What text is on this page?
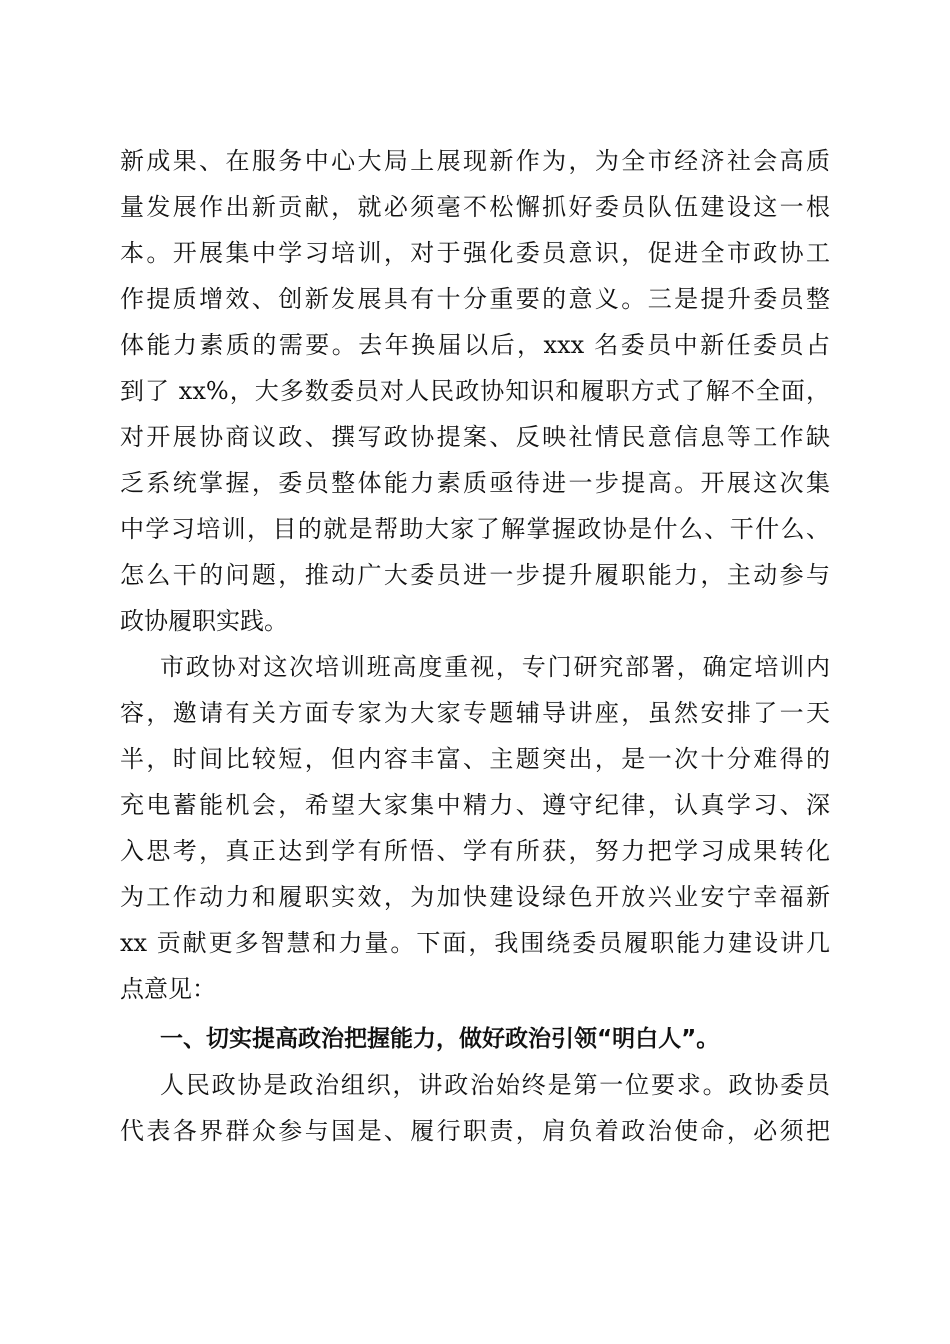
新成果、在服务中心大局上展现新作为，为全市经济社会高质
量发展作出新贡献，就必须毫不松懈抓好委员队伍建设这一根
本。开展集中学习培训，对于强化委员意识，促进全市政协工
作提质增效、创新发展具有十分重要的意义。三是提升委员整
体能力素质的需要。去年换届以后，xxx 名委员中新任委员占
到了 xx%，大多数委员对人民政协知识和履职方式了解不全面，
对开展协商议政、撰写政协提案、反映社情民意信息等工作缺
乏系统掌握，委员整体能力素质亟待进一步提高。开展这次集
中学习培训，目的就是帮助大家了解掌握政协是什么、干什么、
怎么干的问题，推动广大委员进一步提升履职能力，主动参与
政协履职实践。
市政协对这次培训班高度重视，专门研究部署，确定培训内
容，邀请有关方面专家为大家专题辅导讲座，虽然安排了一天
半，时间比较短，但内容丰富、主题突出，是一次十分难得的
充电蓄能机会，希望大家集中精力、遵守纪律，认真学习、深
入思考，真正达到学有所悟、学有所获，努力把学习成果转化
为工作动力和履职实效，为加快建设绿色开放兴业安宁幸福新
xx 贡献更多智慧和力量。下面，我围绕委员履职能力建设讲几
点意见：
一、切实提高政治把握能力，做好政治引领“明白人”。
人民政协是政治组织，讲政治始终是第一位要求。政协委员
代表各界群众参与国是、履行职责，肩负着政治使命，必须把
